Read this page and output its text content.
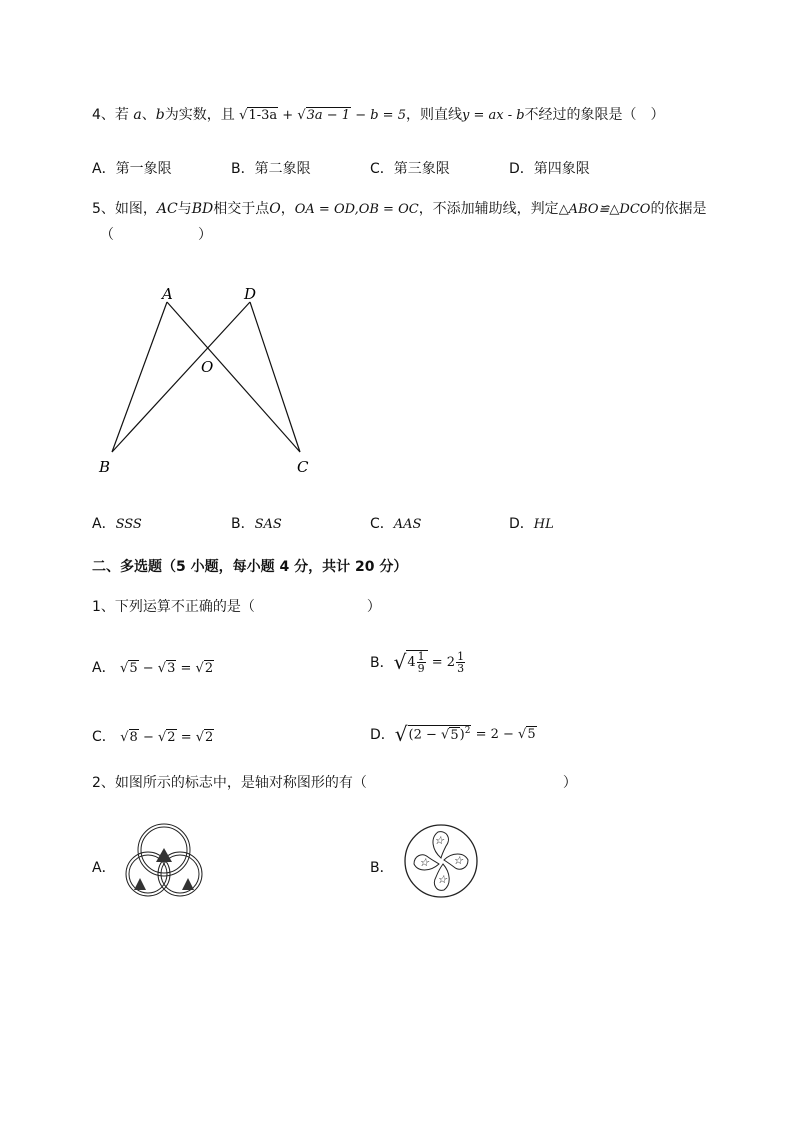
4、若 a、b为实数，且 √1-3a + √3a − 1 − b = 5，则直线y = ax - b不经过的象限是（　）
A．第一象限	B．第二象限	C．第三象限	D．第四象限
5、如图，AC与BD相交于点O，OA = OD,OB = OC，不添加辅助线，判定△ABO≌△DCO的依据是
（　　　　　　）
A	D
O
B	C
A．SSS	B．SAS	C．AAS	D．HL
二、多选题（5 小题，每小题 4 分，共计 20 分）
1、下列运算不正确的是（　　　　　　　　）
A． √5 − √3 = √2	B． √ $4 \frac{1}{9}$
= $2 \frac{1}{3}$
C． √8 − √2 = √2	D． √ $(2 - √5)^2$
= 2 − √ 5
2、如图所示的标志中，是轴对称图形的有（　　　　　　　　　　　　　　）
A．	B．
☆
☆
☆
☆
